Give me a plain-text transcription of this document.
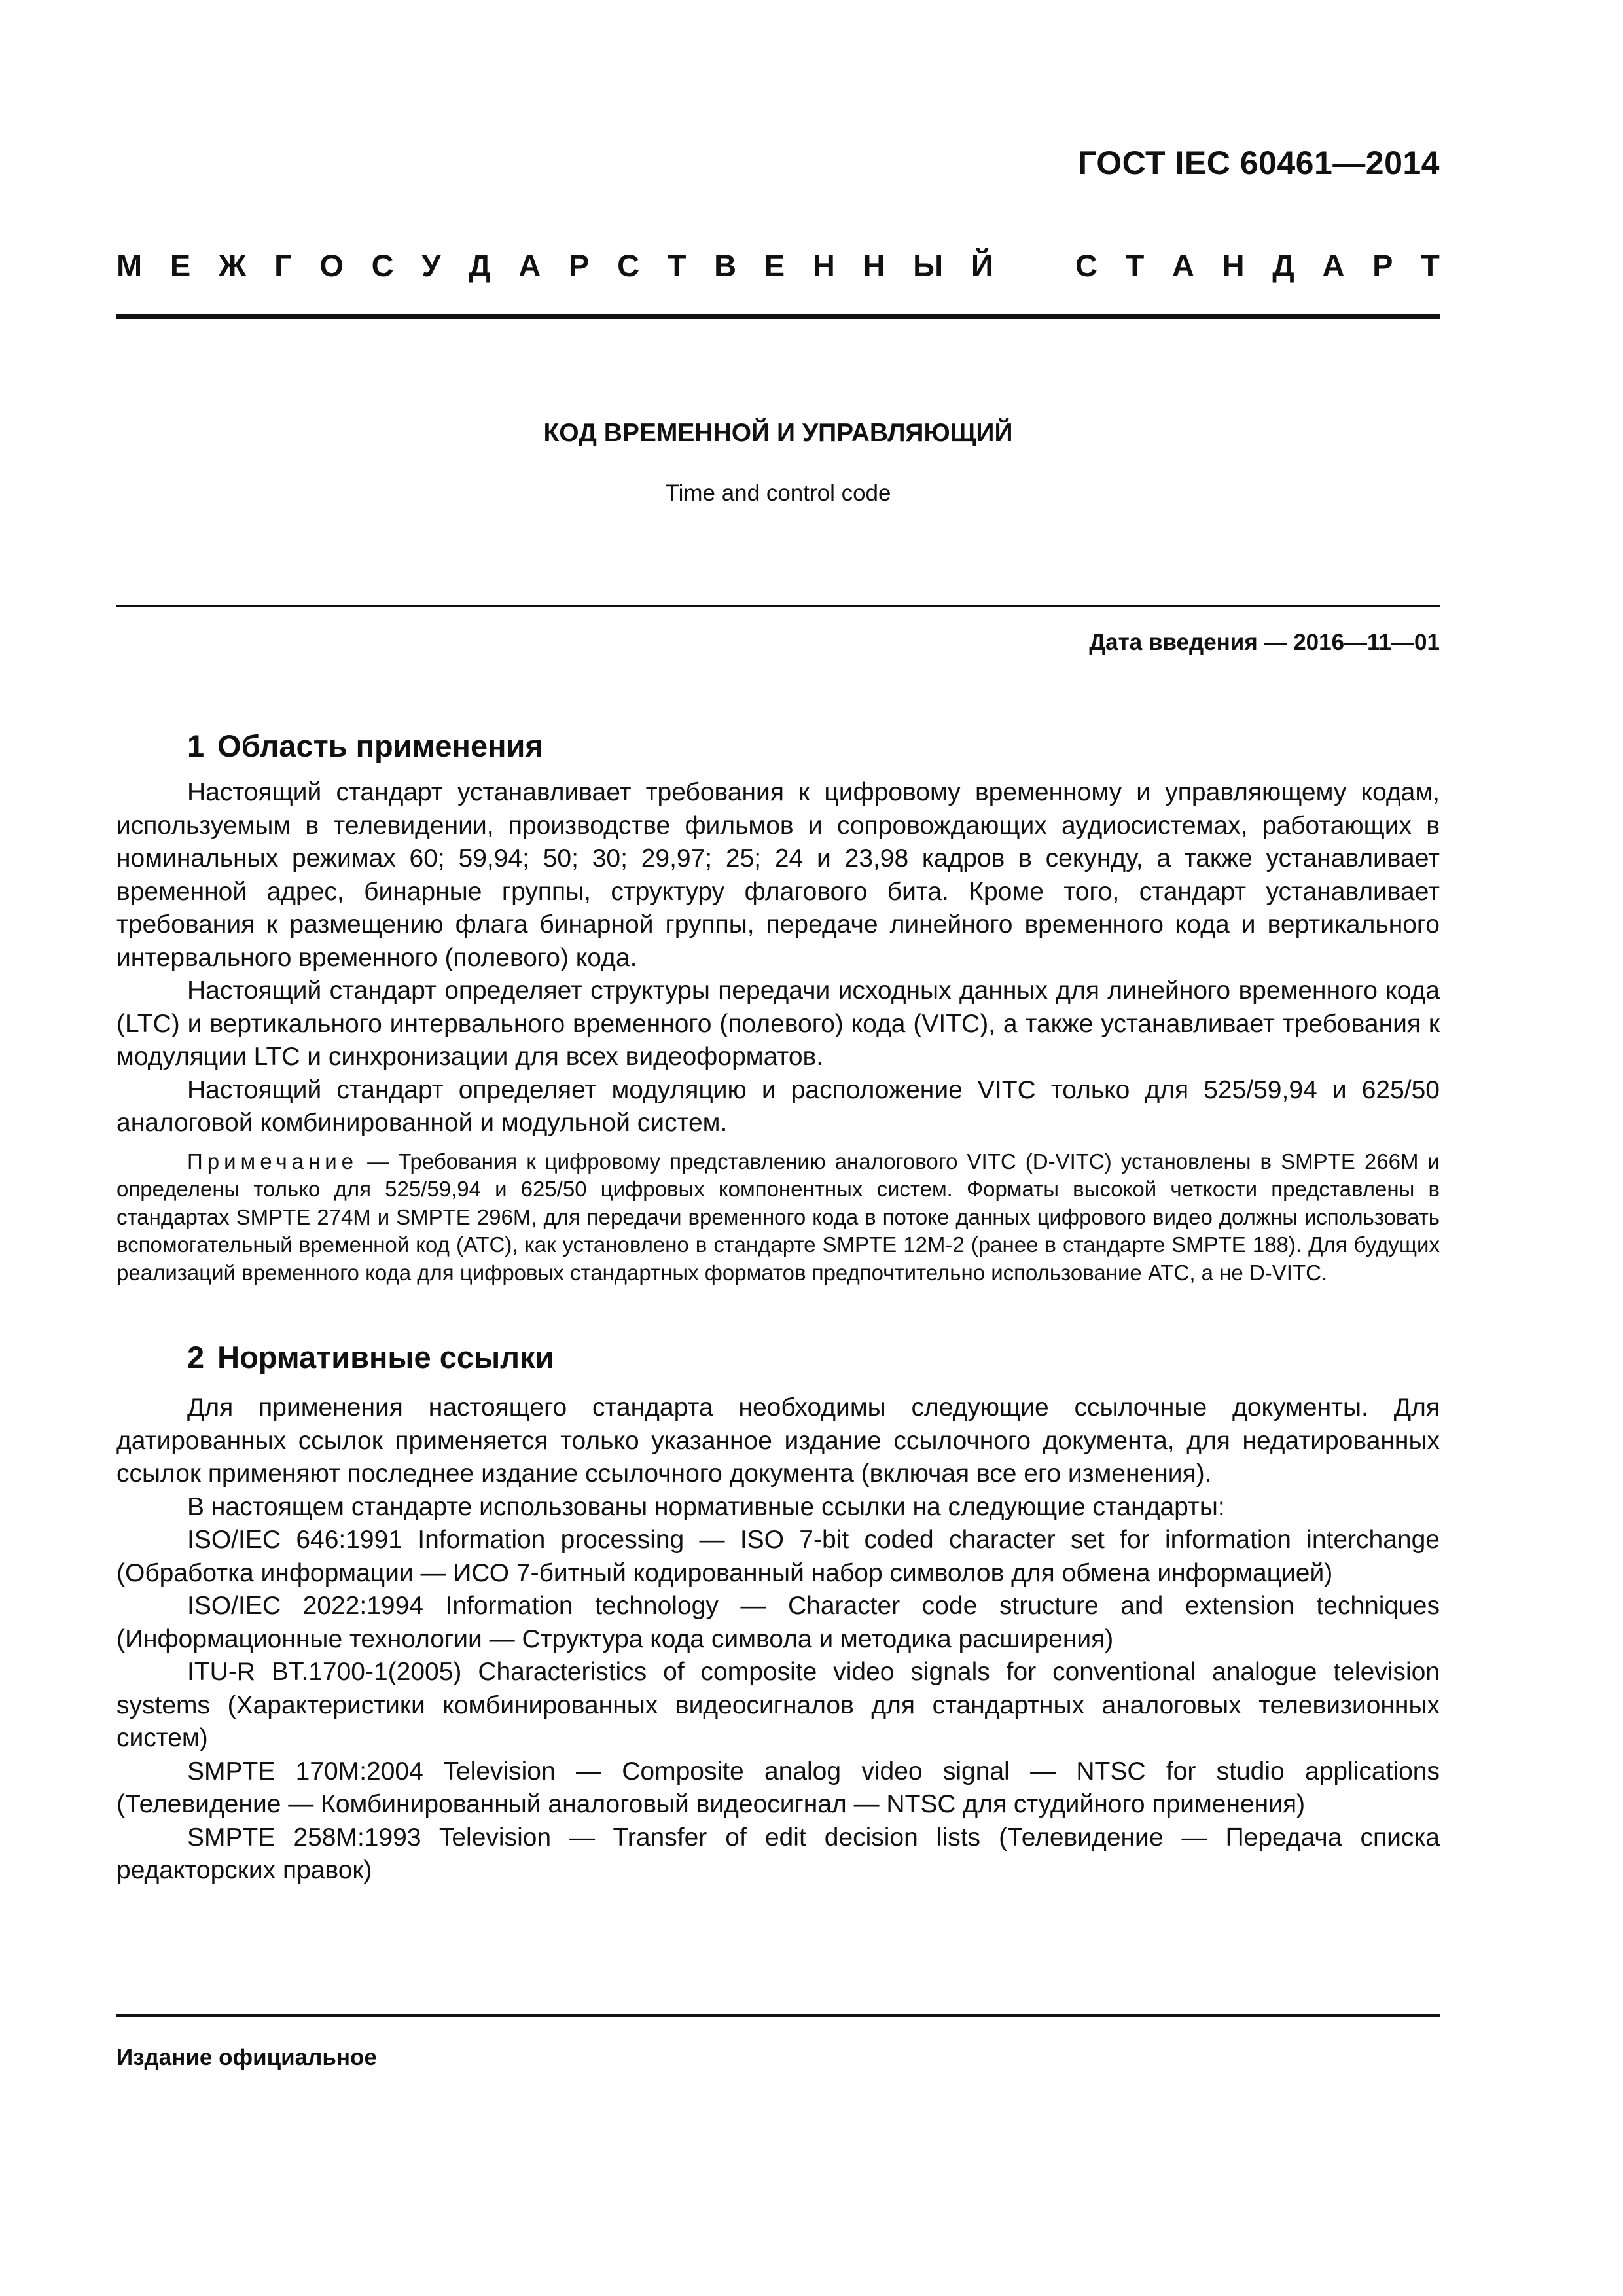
ГОСТ IEC 60461—2014
М Е Ж Г О С У Д А Р С Т В Е Н Н Ы Й	С Т А Н Д А Р Т
КОД ВРЕМЕННОЙ И УПРАВЛЯЮЩИЙ
Time and control code
Дата введения — 2016—11—01
1 Область применения

Настоящий стандарт устанавливает требования к цифровому временному и управляющему кодам, используемым в телевидении, производстве фильмов и сопровождающих аудиосистемах, работающих в номинальных режимах 60; 59,94; 50; 30; 29,97; 25; 24 и 23,98 кадров в секунду, а также устанавливает временной адрес, бинарные группы, структуру флагового бита. Кроме того, стандарт устанавливает требования к размещению флага бинарной группы, передаче линейного временного кода и вертикального интервального временного (полевого) кода.

Настоящий стандарт определяет структуры передачи исходных данных для линейного временного кода (LTC) и вертикального интервального временного (полевого) кода (VITC), а также устанавливает требования к модуляции LTC и синхронизации для всех видеоформатов.

Настоящий стандарт определяет модуляцию и расположение VITC только для 525/59,94 и 625/50 аналоговой комбинированной и модульной систем.

Примечание — Требования к цифровому представлению аналогового VITC (D-VITC) установлены в SMPTE 266M и определены только для 525/59,94 и 625/50 цифровых компонентных систем. Форматы высокой четкости представлены в стандартах SMPTE 274M и SMPTE 296M, для передачи временного кода в потоке данных цифрового видео должны использовать вспомогательный временной код (АТС), как установлено в стандарте SMPTE 12M-2 (ранее в стандарте SMPTE 188). Для будущих реализаций временного кода для цифровых стандартных форматов предпочтительно использование АТС, а не D-VITC.

2 Нормативные ссылки

Для применения настоящего стандарта необходимы следующие ссылочные документы. Для датированных ссылок применяется только указанное издание ссылочного документа, для недатированных ссылок применяют последнее издание ссылочного документа (включая все его изменения).

В настоящем стандарте использованы нормативные ссылки на следующие стандарты:

ISO/IEC 646:1991 Information processing — ISO 7-bit coded character set for information interchange (Обработка информации — ИСО 7-битный кодированный набор символов для обмена информацией)

ISO/IEC 2022:1994 Information technology — Character code structure and extension techniques (Информационные технологии — Структура кода символа и методика расширения)

ITU-R BT.1700-1(2005) Characteristics of composite video signals for conventional analogue television systems (Характеристики комбинированных видеосигналов для стандартных аналоговых телевизионных систем)

SMPTE 170M:2004 Television — Composite analog video signal — NTSC for studio applications (Телевидение — Комбинированный аналоговый видеосигнал — NTSC для студийного применения)

SMPTE 258M:1993 Television — Transfer of edit decision lists (Телевидение — Передача списка редакторских правок)

Издание официальное
